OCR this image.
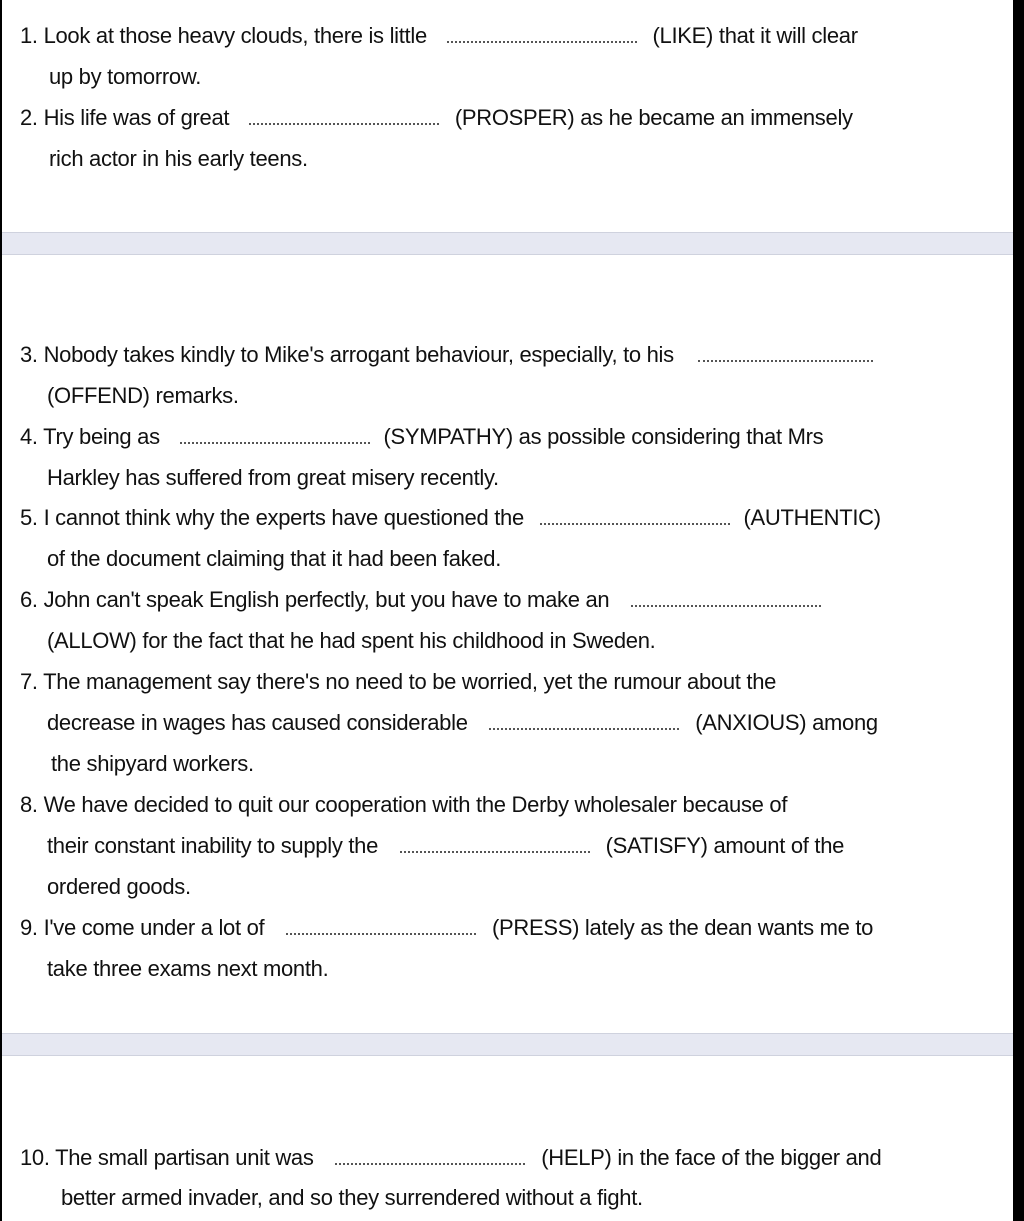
1. Look at those heavy clouds, there is little	(LIKE) that it will clear
up by tomorrow.
2. His life was of great	(PROSPER) as he became an immensely
rich actor in his early teens.
3. Nobody takes kindly to Mike's arrogant behaviour, especially, to his
(OFFEND) remarks.
4. Try being as	(SYMPATHY) as possible considering that Mrs
Harkley has suffered from great misery recently.
5. I cannot think why the experts have questioned the	(AUTHENTIC)
of the document claiming that it had been faked.
6. John can't speak English perfectly, but you have to make an
(ALLOW) for the fact that he had spent his childhood in Sweden.
7. The management say there's no need to be worried, yet the rumour about the
decrease in wages has caused considerable	(ANXIOUS) among
the shipyard workers.
8. We have decided to quit our cooperation with the Derby wholesaler because of
their constant inability to supply the	(SATISFY) amount of the
ordered goods.
9. I've come under a lot of	(PRESS) lately as the dean wants me to
take three exams next month.
10. The small partisan unit was	(HELP) in the face of the bigger and
better armed invader, and so they surrendered without a fight.
